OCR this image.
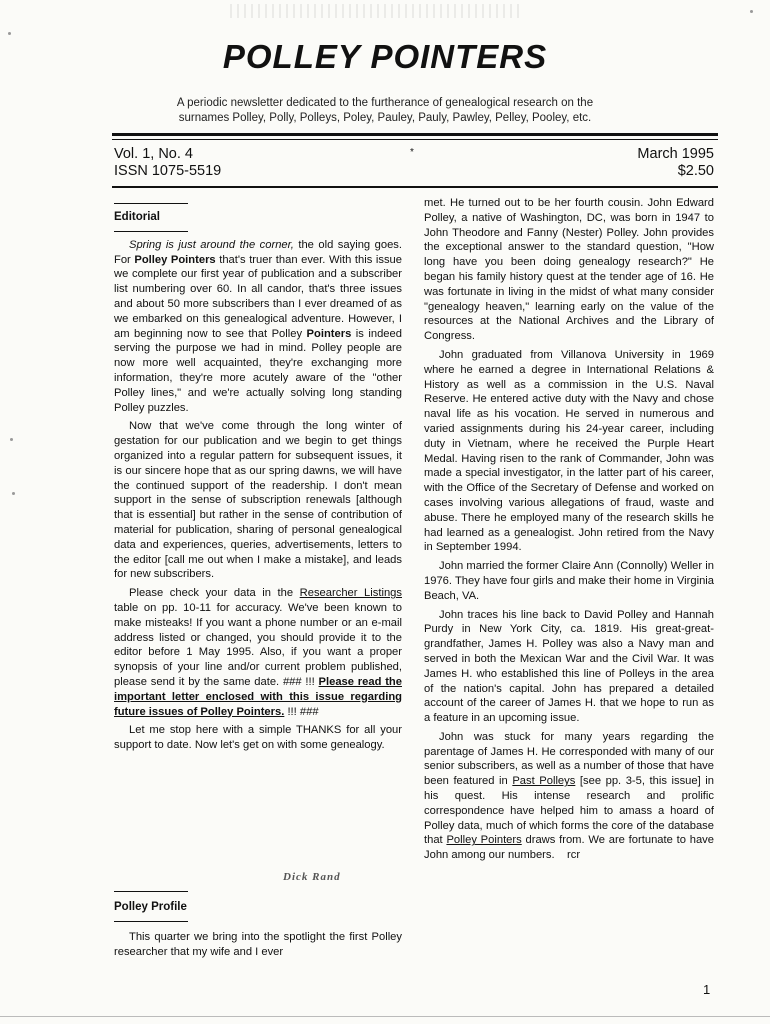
POLLEY POINTERS
A periodic newsletter dedicated to the furtherance of genealogical research on the
surnames Polley, Polly, Polleys, Poley, Pauley, Pauly, Pawley, Pelley, Pooley, etc.
Vol. 1, No. 4
ISSN 1075-5519
*	March 1995
$2.50
Editorial

Spring is just around the corner, the old saying goes. For Polley Pointers that's truer than ever. With this issue we complete our first year of publication and a subscriber list numbering over 60. In all candor, that's three issues and about 50 more subscribers than I ever dreamed of as we embarked on this genealogical adventure. However, I am beginning now to see that Polley Pointers is indeed serving the purpose we had in mind. Polley people are now more well acquainted, they're exchanging more information, they're more acutely aware of the "other Polley lines," and we're actually solving long standing Polley puzzles.

Now that we've come through the long winter of gestation for our publication and we begin to get things organized into a regular pattern for subsequent issues, it is our sincere hope that as our spring dawns, we will have the continued support of the readership. I don't mean support in the sense of subscription renewals [although that is essential] but rather in the sense of contribution of material for publication, sharing of personal genealogical data and experiences, queries, advertisements, letters to the editor [call me out when I make a mistake], and leads for new subscribers.

Please check your data in the Researcher Listings table on pp. 10-11 for accuracy. We've been known to make misteaks! If you want a phone number or an e-mail address listed or changed, you should provide it to the editor before 1 May 1995. Also, if you want a proper synopsis of your line and/or current problem published, please send it by the same date. ### !!! Please read the important letter enclosed with this issue regarding future issues of Polley Pointers. !!! ###

Let me stop here with a simple THANKS for all your support to date. Now let's get on with some genealogy.

Dick Rand
Polley Profile

This quarter we bring into the spotlight the first Polley researcher that my wife and I ever

met. He turned out to be her fourth cousin. John Edward Polley, a native of Washington, DC, was born in 1947 to John Theodore and Fanny (Nester) Polley. John provides the exceptional answer to the standard question, "How long have you been doing genealogy research?" He began his family history quest at the tender age of 16. He was fortunate in living in the midst of what many consider "genealogy heaven," learning early on the value of the resources at the National Archives and the Library of Congress.

John graduated from Villanova University in 1969 where he earned a degree in International Relations & History as well as a commission in the U.S. Naval Reserve. He entered active duty with the Navy and chose naval life as his vocation. He served in numerous and varied assignments during his 24-year career, including duty in Vietnam, where he received the Purple Heart Medal. Having risen to the rank of Commander, John was made a special investigator, in the latter part of his career, with the Office of the Secretary of Defense and worked on cases involving various allegations of fraud, waste and abuse. There he employed many of the research skills he had learned as a genealogist. John retired from the Navy in September 1994.

John married the former Claire Ann (Connolly) Weller in 1976. They have four girls and make their home in Virginia Beach, VA.

John traces his line back to David Polley and Hannah Purdy in New York City, ca. 1819. His great-great-grandfather, James H. Polley was also a Navy man and served in both the Mexican War and the Civil War. It was James H. who established this line of Polleys in the area of the nation's capital. John has prepared a detailed account of the career of James H. that we hope to run as a feature in an upcoming issue.

John was stuck for many years regarding the parentage of James H. He corresponded with many of our senior subscribers, as well as a number of those that have been featured in Past Polleys [see pp. 3-5, this issue] in his quest. His intense research and prolific correspondence have helped him to amass a hoard of Polley data, much of which forms the core of the database that Polley Pointers draws from. We are fortunate to have John among our numbers. rcr

1
